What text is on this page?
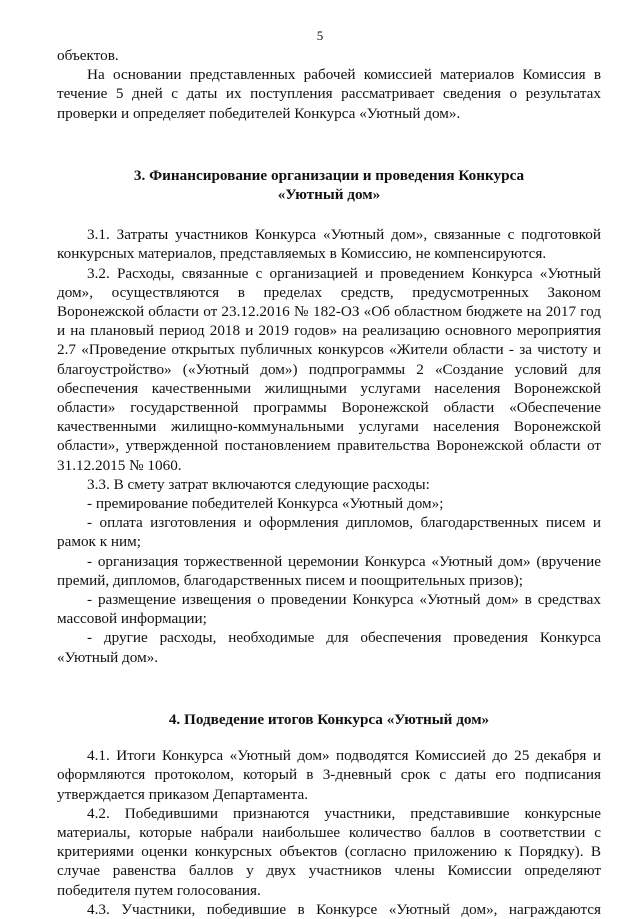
5

объектов.

На основании представленных рабочей комиссией материалов Комиссия в течение 5 дней с даты их поступления рассматривает сведения о результатах проверки и определяет победителей Конкурса «Уютный дом».

3. Финансирование организации и проведения Конкурса
«Уютный дом»

3.1. Затраты участников Конкурса «Уютный дом», связанные с подготовкой конкурсных материалов, представляемых в Комиссию, не компенсируются.

3.2. Расходы, связанные с организацией и проведением Конкурса «Уютный дом», осуществляются в пределах средств, предусмотренных Законом Воронежской области от 23.12.2016 № 182-ОЗ «Об областном бюджете на 2017 год и на плановый период 2018 и 2019 годов» на реализацию основного мероприятия 2.7 «Проведение открытых публичных конкурсов «Жители области - за чистоту и благоустройство» («Уютный дом») подпрограммы 2 «Создание условий для обеспечения качественными жилищными услугами населения Воронежской области» государственной программы Воронежской области «Обеспечение качественными жилищно-коммунальными услугами населения Воронежской области», утвержденной постановлением правительства Воронежской области от 31.12.2015 № 1060.

3.3. В смету затрат включаются следующие расходы:

- премирование победителей Конкурса «Уютный дом»;

- оплата изготовления и оформления дипломов, благодарственных писем и рамок к ним;

- организация торжественной церемонии Конкурса «Уютный дом» (вручение премий, дипломов, благодарственных писем и поощрительных призов);

- размещение извещения о проведении Конкурса «Уютный дом» в средствах массовой информации;

- другие расходы, необходимые для обеспечения проведения Конкурса «Уютный дом».

4. Подведение итогов Конкурса «Уютный дом»

4.1. Итоги Конкурса «Уютный дом» подводятся Комиссией до 25 декабря и оформляются протоколом, который в 3-дневный срок с даты его подписания утверждается приказом Департамента.

4.2. Победившими признаются участники, представившие конкурсные материалы, которые набрали наибольшее количество баллов в соответствии с критериями оценки конкурсных объектов (согласно приложению к Порядку). В случае равенства баллов у двух участников члены Комиссии определяют победителя путем голосования.

4.3. Участники, победившие в Конкурсе «Уютный дом», награждаются
